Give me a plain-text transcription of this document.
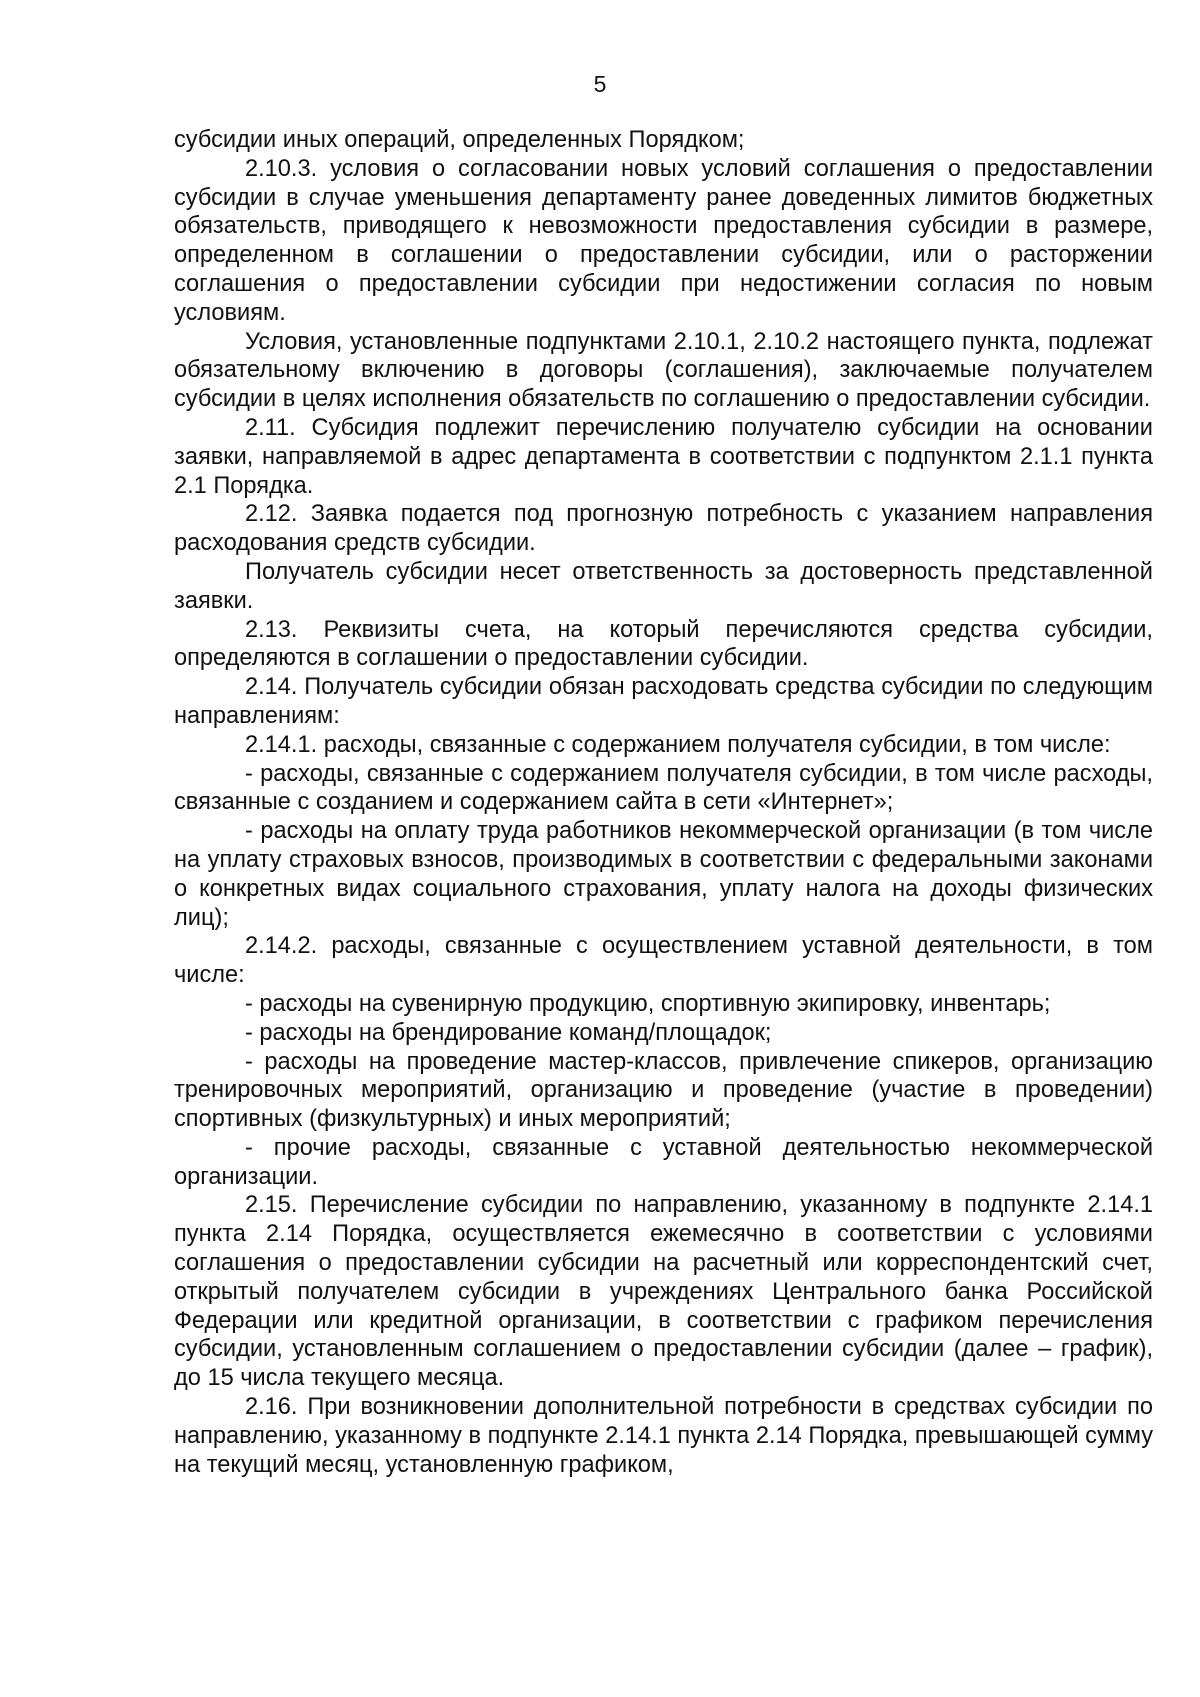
5

субсидии иных операций, определенных Порядком;

2.10.3. условия о согласовании новых условий соглашения о предоставлении субсидии в случае уменьшения департаменту ранее доведенных лимитов бюджетных обязательств, приводящего к невозможности предоставления субсидии в размере, определенном в соглашении о предоставлении субсидии, или о расторжении соглашения о предоставлении субсидии при недостижении согласия по новым условиям.

Условия, установленные подпунктами 2.10.1, 2.10.2 настоящего пункта, подлежат обязательному включению в договоры (соглашения), заключаемые получателем субсидии в целях исполнения обязательств по соглашению о предоставлении субсидии.

2.11. Субсидия подлежит перечислению получателю субсидии на основании заявки, направляемой в адрес департамента в соответствии с подпунктом 2.1.1 пункта 2.1 Порядка.

2.12. Заявка подается под прогнозную потребность с указанием направления расходования средств субсидии.

Получатель субсидии несет ответственность за достоверность представленной заявки.

2.13. Реквизиты счета, на который перечисляются средства субсидии, определяются в соглашении о предоставлении субсидии.

2.14. Получатель субсидии обязан расходовать средства субсидии по следующим направлениям:

2.14.1. расходы, связанные с содержанием получателя субсидии, в том числе:

- расходы, связанные с содержанием получателя субсидии, в том числе расходы, связанные с созданием и содержанием сайта в сети «Интернет»;

- расходы на оплату труда работников некоммерческой организации (в том числе на уплату страховых взносов, производимых в соответствии с федеральными законами о конкретных видах социального страхования, уплату налога на доходы физических лиц);

2.14.2. расходы, связанные с осуществлением уставной деятельности, в том числе:

- расходы на сувенирную продукцию, спортивную экипировку, инвентарь;

- расходы на брендирование команд/площадок;

- расходы на проведение мастер-классов, привлечение спикеров, организацию тренировочных мероприятий, организацию и проведение (участие в проведении) спортивных (физкультурных) и иных мероприятий;

- прочие расходы, связанные с уставной деятельностью некоммерческой организации.

2.15. Перечисление субсидии по направлению, указанному в подпункте 2.14.1 пункта 2.14 Порядка, осуществляется ежемесячно в соответствии с условиями соглашения о предоставлении субсидии на расчетный или корреспондентский счет, открытый получателем субсидии в учреждениях Центрального банка Российской Федерации или кредитной организации, в соответствии с графиком перечисления субсидии, установленным соглашением о предоставлении субсидии (далее – график), до 15 числа текущего месяца.

2.16. При возникновении дополнительной потребности в средствах субсидии по направлению, указанному в подпункте 2.14.1 пункта 2.14 Порядка, превышающей сумму на текущий месяц, установленную графиком,
